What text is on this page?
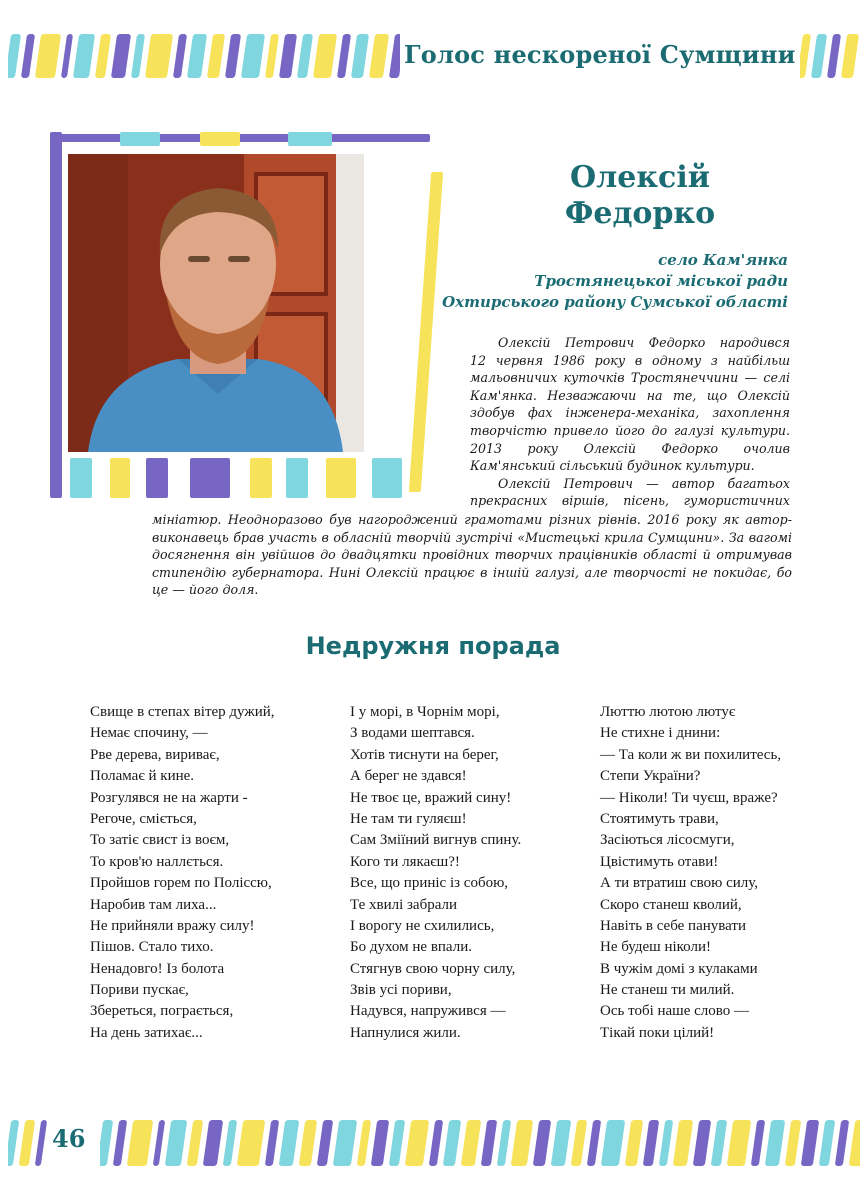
Голос нескореної Сумщини
Олексій
Федорко
село Кам'янка
Тростянецької міської ради
Охтирського району Сумської області
Олексій Петрович Федорко народився
12 червня 1986 року в одному з найбільш
мальовничих куточків Тростянеччини — селі
Кам'янка. Незважаючи на те, що Олексій
здобув фах інженера-механіка, захоплення
творчістю привело його до галузі культури.
2013 року Олексій Федорко очолив
Кам'янський сільський будинок культури.
Олексій Петрович — автор багатьох
прекрасних віршів, пісень, гумористичних
мініатюр. Неодноразово був нагороджений грамотами різних рівнів. 2016 року як автор-
виконавець брав участь в обласній творчій зустрічі «Мистецькі крила Сумщини». За вагомі
досягнення він увійшов до двадцятки провідних творчих працівників області й отримував
стипендію губернатора. Нині Олексій працює в іншій галузі, але творчості не покидає, бо
це — його доля.
Недружня порада
Свище в степах вітер дужий,
Немає спочину, —
Рве дерева, вириває,
Поламає й кине.
Розгулявся не на жарти -
Регоче, сміється,
То затіє свист із воєм,
То кров'ю наллється.
Пройшов горем по Поліссю,
Наробив там лиха...
Не прийняли вражу силу!
Пішов. Стало тихо.
Ненадовго! Із болота
Пориви пускає,
Збереться, пограється,
На день затихає...
І у морі, в Чорнім морі,
З водами шептався.
Хотів тиснути на берег,
А берег не здався!
Не твоє це, вражий сину!
Не там ти гуляєш!
Сам Зміїний вигнув спину.
Кого ти лякаєш?!
Все, що приніс із собою,
Те хвилі забрали
І ворогу не схилились,
Бо духом не впали.
Стягнув свою чорну силу,
Звів усі пориви,
Надувся, напружився —
Напнулися жили.
Люттю лютою лютує
Не стихне і днини:
— Та коли ж ви похилитесь,
Степи України?
— Ніколи! Ти чуєш, враже?
Стоятимуть трави,
Засіються лісосмуги,
Цвістимуть отави!
А ти втратиш свою силу,
Скоро станеш кволий,
Навіть в себе панувати
Не будеш ніколи!
В чужім домі з кулаками
Не станеш ти милий.
Ось тобі наше слово —
Тікай поки цілий!
46
